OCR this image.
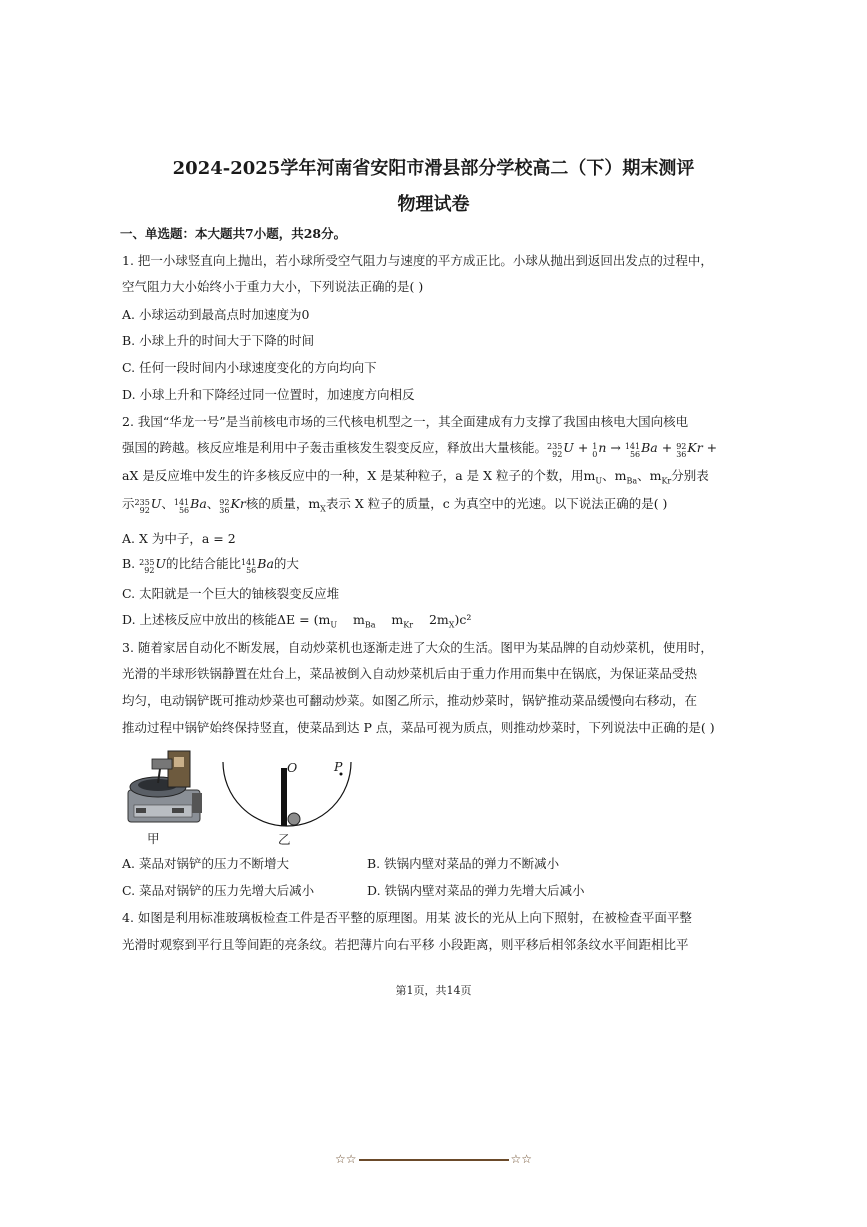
2024-2025学年河南省安阳市滑县部分学校高二（下）期末测评
物理试卷
一、单选题：本大题共7小题，共28分。
1. 把一小球竖直向上抛出，若小球所受空气阻力与速度的平方成正比。小球从抛出到返回出发点的过程中，
空气阻力大小始终小于重力大小，下列说法正确的是( )
A. 小球运动到最高点时加速度为0
B. 小球上升的时间大于下降的时间
C. 任何一段时间内小球速度变化的方向均向下
D. 小球上升和下降经过同一位置时，加速度方向相反
2. 我国“华龙一号”是当前核电市场的三代核电机型之一，其全面建成有力支撑了我国由核电大国向核电
强国的跨越。核反应堆是利用中子轰击重核发生裂变反应，释放出大量核能。235
92U + 1
0n → 141
56Ba + 92
36Kr +
aX 是反应堆中发生的许多核反应中的一种，X 是某种粒子，a 是 X 粒子的个数，用$m_U$、$m_{Ba}$、$m_{Kr}$分别表
示235
92U、141
56Ba、92
36Kr核的质量，$m_X$表示 X 粒子的质量，c 为真空中的光速。以下说法正确的是( )
A. X 为中子，a = 2
B. 235
92U的比结合能比141
56Ba的大
C. 太阳就是一个巨大的铀核裂变反应堆
D. 上述核反应中放出的核能$\Delta E = (m_U$    $m_{Ba}$    $m_{Kr}$ $2m_X)c^2$
3. 随着家居自动化不断发展，自动炒菜机也逐渐走进了大众的生活。图甲为某品牌的自动炒菜机，使用时，
光滑的半球形铁锅静置在灶台上，菜品被倒入自动炒菜机后由于重力作用而集中在锅底，为保证菜品受热
均匀，电动锅铲既可推动炒菜也可翻动炒菜。如图乙所示，推动炒菜时，锅铲推动菜品缓慢向右移动，在
推动过程中锅铲始终保持竖直，使菜品到达 P 点，菜品可视为质点，则推动炒菜时，下列说法中正确的是( )
甲
O	P
乙
A. 菜品对锅铲的压力不断增大	B. 铁锅内壁对菜品的弹力不断减小
C. 菜品对锅铲的压力先增大后减小	D. 铁锅内壁对菜品的弹力先增大后减小
4. 如图是利用标准玻璃板检查工件是否平整的原理图。用某 波长的光从上向下照射，在被检查平面平整
光滑时观察到平行且等间距的亮条纹。若把薄片向右平移 小段距离，则平移后相邻条纹水平间距相比平
第1页，共14页
☆☆	☆☆
